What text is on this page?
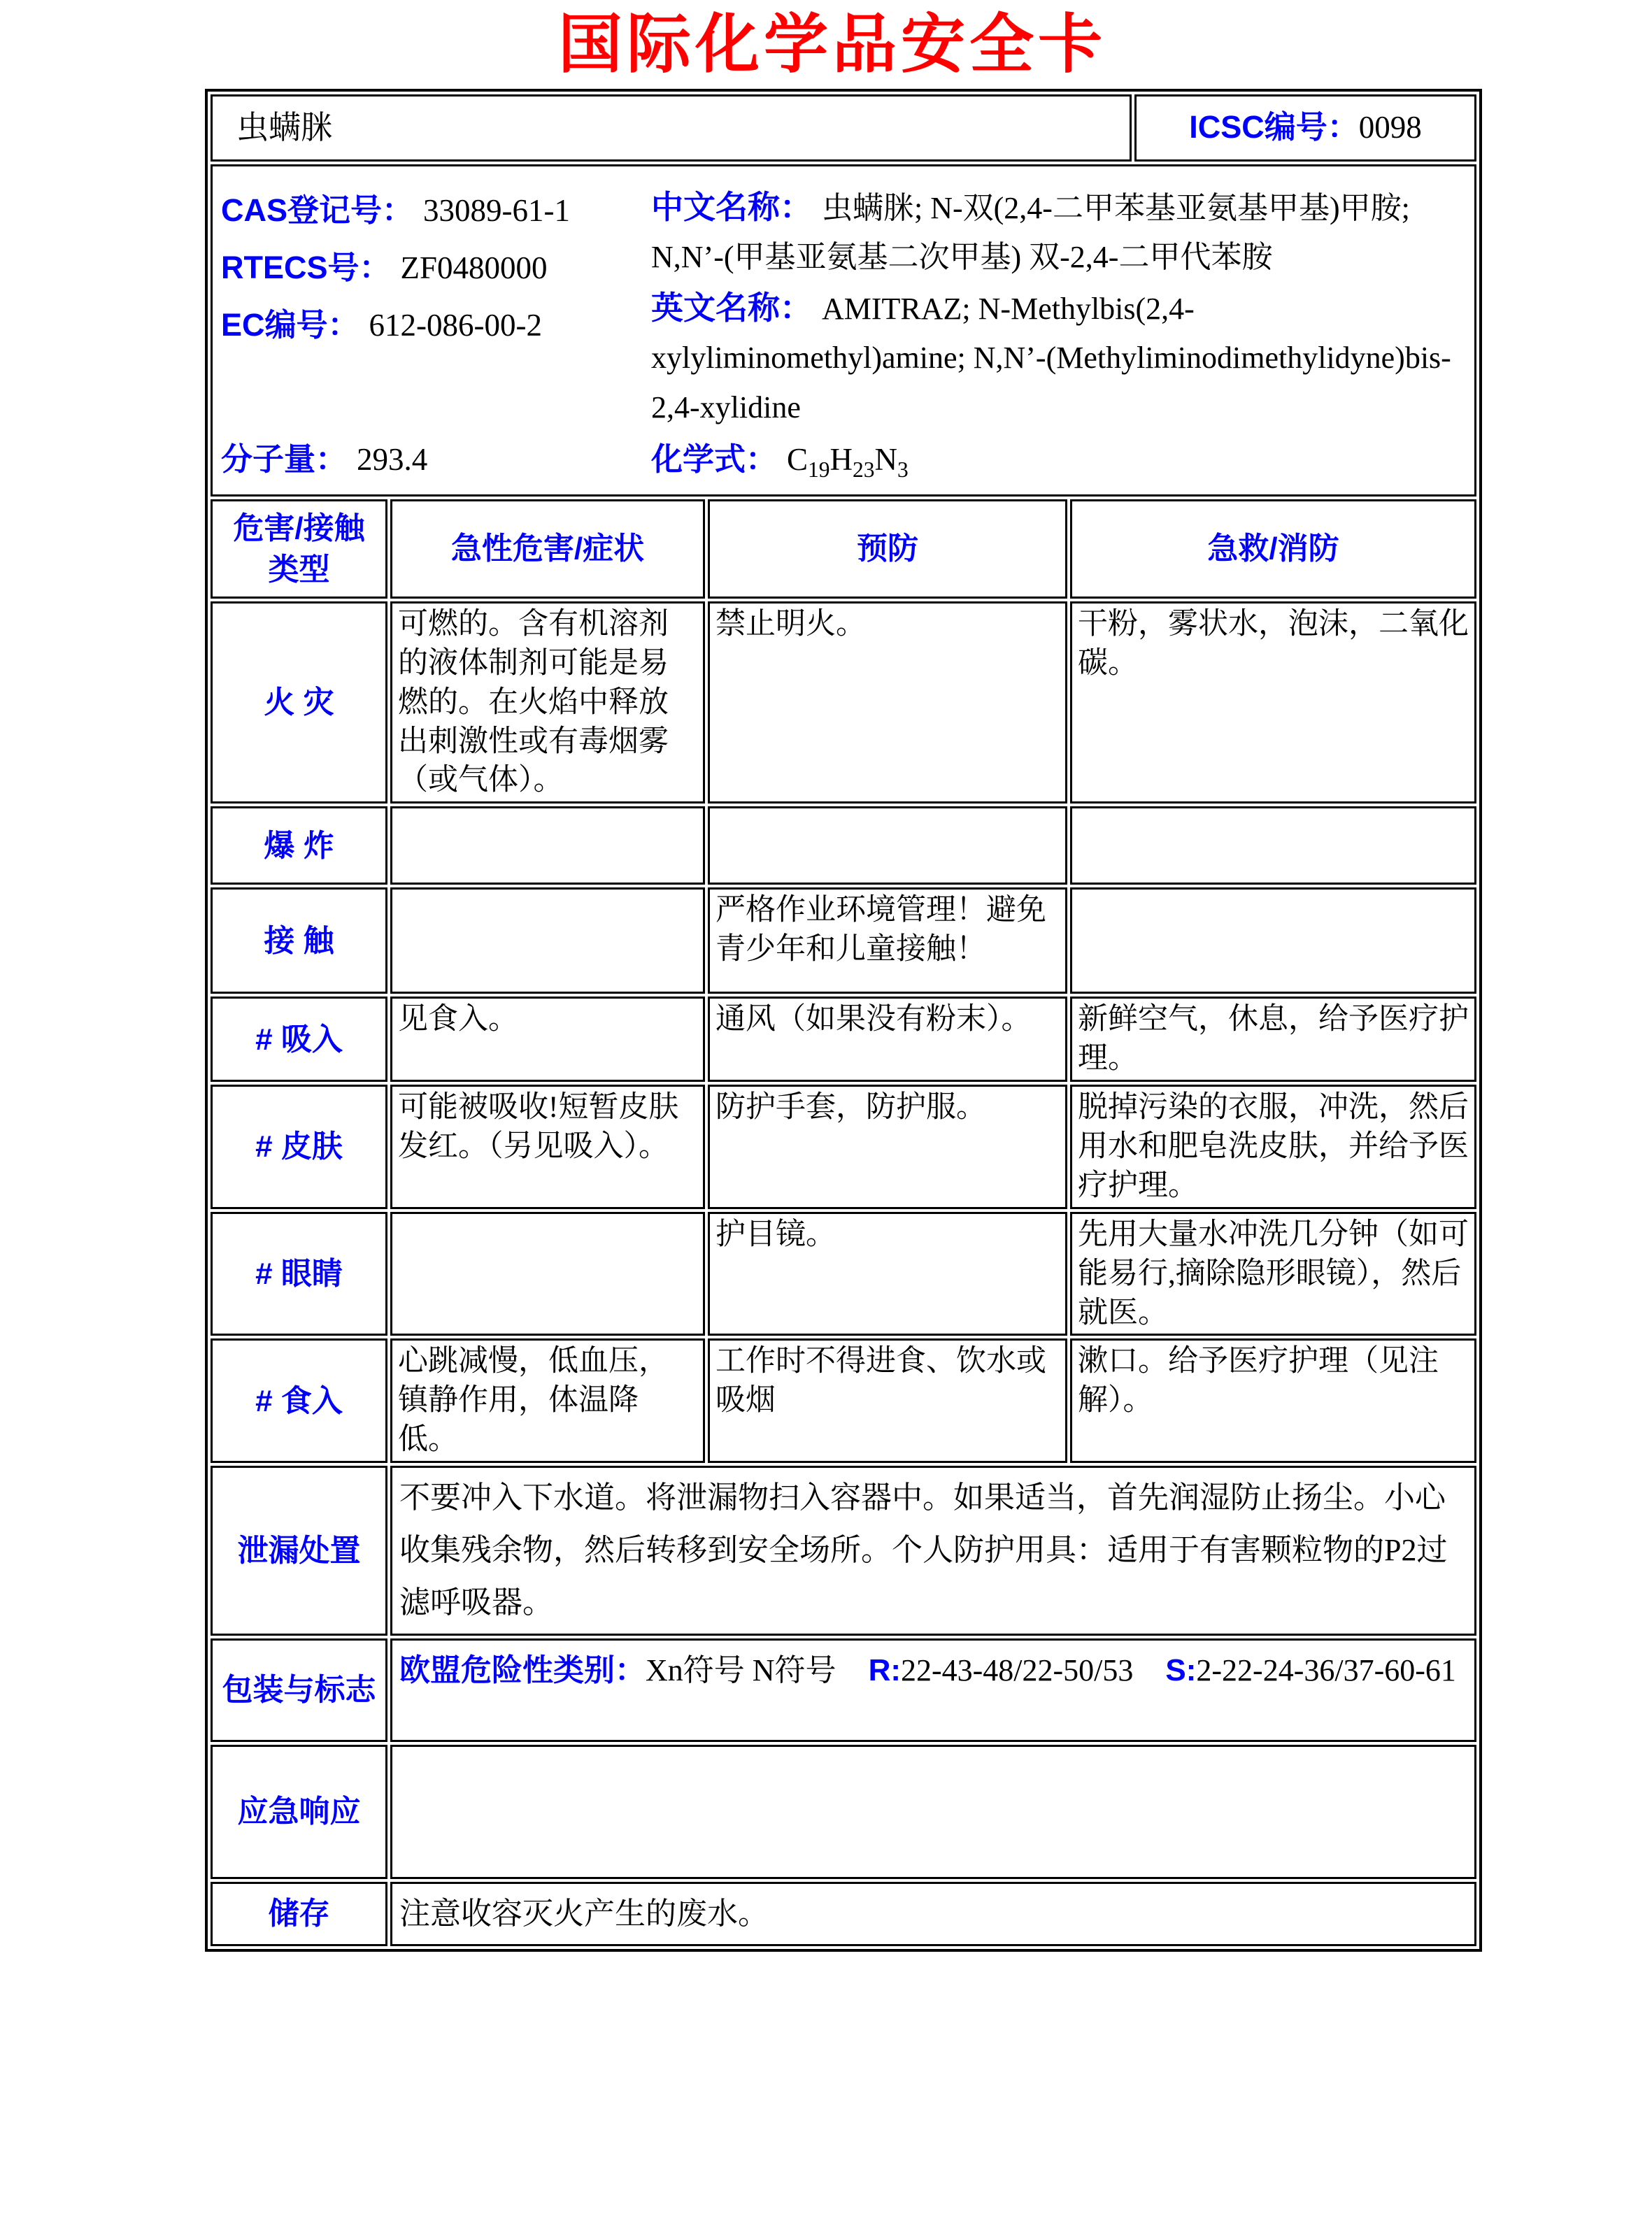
国际化学品安全卡
虫螨脒				ICSC编号：0098

CAS登记号： 33089-61-1
RTECS号： ZF0480000
EC编号： 612-086-00-2
中文名称： 虫螨脒; N-双(2,4-二甲苯基亚氨基甲基)甲胺; N,N’-(甲基亚氨基二次甲基) 双-2,4-二甲代苯胺
英文名称： AMITRAZ; N-Methylbis(2,4-xylyliminomethyl)amine; N,N’-(Methyliminodimethylidyne)bis-2,4-xylidine
分子量： 293.4	化学式： $C_{19}H_{23}N_3$

危害/接触类型	急性危害/症状	预防	急救/消防	
火 灾	可燃的。含有机溶剂的液体制剂可能是易燃的。在火焰中释放出刺激性或有毒烟雾（或气体）。	禁止明火。	干粉，雾状水，泡沫，二氧化碳。	
爆 炸				
接 触		严格作业环境管理！避免青少年和儿童接触！		
# 吸入	见食入。	通风（如果没有粉末）。	新鲜空气，休息，给予医疗护理。	
# 皮肤	可能被吸收!短暂皮肤发红。（另见吸入）。	防护手套，防护服。	脱掉污染的衣服，冲洗，然后用水和肥皂洗皮肤，并给予医疗护理。	
# 眼睛		护目镜。	先用大量水冲洗几分钟（如可能易行,摘除隐形眼镜），然后就医。	
# 食入	心跳减慢，低血压，镇静作用，体温降低。	工作时不得进食、饮水或吸烟	漱口。给予医疗护理（见注解）。	
泄漏处置	不要冲入下水道。将泄漏物扫入容器中。如果适当，首先润湿防止扬尘。小心收集残余物，然后转移到安全场所。个人防护用具：适用于有害颗粒物的P2过滤呼吸器。			
包装与标志	欧盟危险性类别：Xn符号 N符号 R:22-43-48/22-50/53 S:2-22-24-36/37-60-61			
应急响应				
储存	注意收容灭火产生的废水。			
